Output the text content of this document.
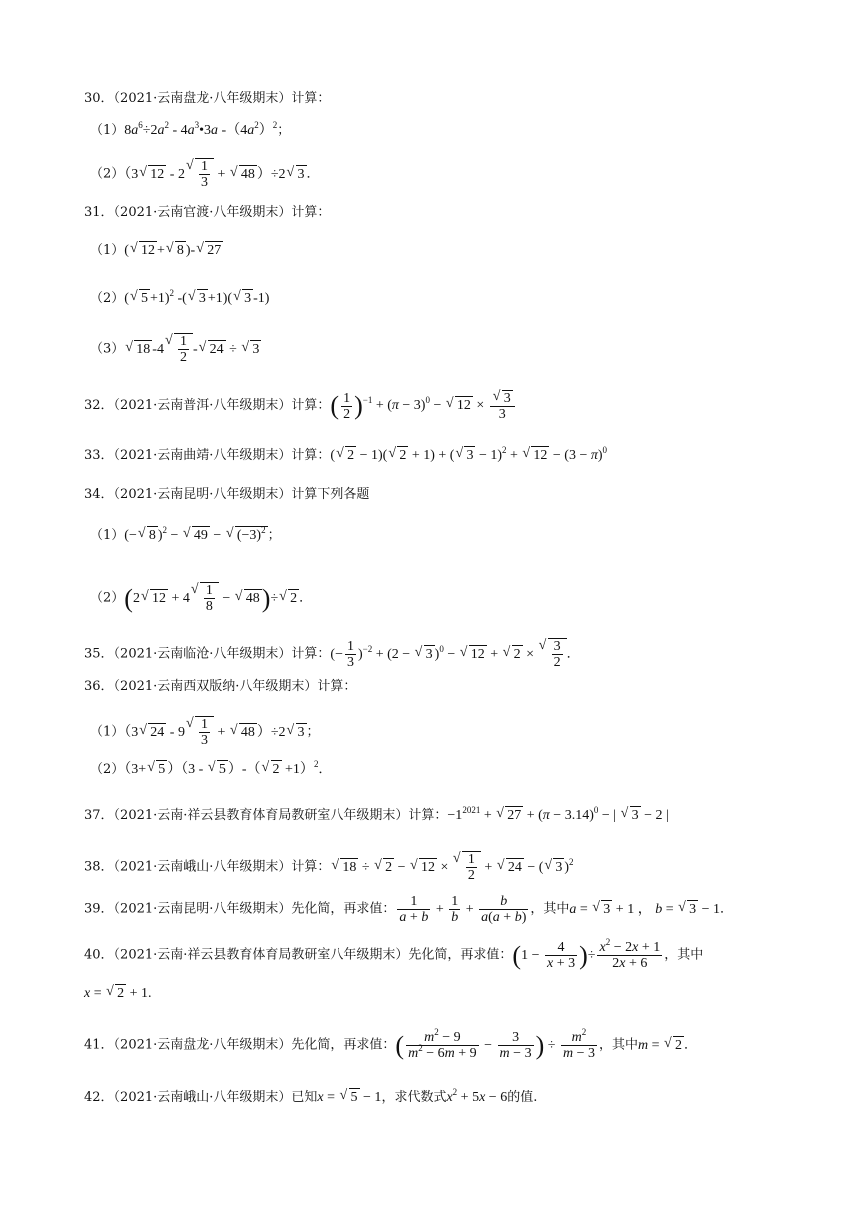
30．（2021·云南盘龙·八年级期末）计算：
$(1)8a^6\div 2a^2$ ‐ $4a^3•3a$ $‐(4a^2)^2$；
（2）（3 √ 12 ‐ 2 √ $\frac{1}{3}$ + √ 48 ）÷2 √ 3 ．
31．（2021·云南官渡·八年级期末）计算：
（1）( √ 12 + √ 8 )- √ 27
（2）( √ 5 +1)$^2$ -( √ 3 +1)( √ 3 -1)
（3） √ 18 -4 √ $\frac{1}{2}$ - √ 24 ÷ √ 3
32．（2021·云南普洱·八年级期末）计算：( $\frac{1}{2} )^{-1} + (\pi - 3)^0$ − √ 12 × √ $\frac{3}{3}$
33．（2021·云南曲靖·八年级期末）计算：( √ 2 − 1)( √ 2 + 1) + ( √ 3 − 1)$^2$ + √ $12 - (3 - \pi)^0$
34．（2021·云南昆明·八年级期末）计算下列各题
（1）(− √ 8 )$^2$ − √ 49 − √ $(-3)^2$ ；
（2）(2 √ 12 + 4 √ $\frac{1}{8}$ − √ 48)÷ √ 2 ．
35．（2021·云南临沧·八年级期末）计算：(− $\frac{1}{3} )^{-2} + (2$ − √ 3 )$^0$ − √ 12 + √ 2 × √ $\frac{3}{2}$ ．
36．（2021·云南西双版纳·八年级期末）计算：
（1）（3 √ 24 ‐ 9 √ $\frac{1}{3}$ + √ 48 ）÷2 √ 3 ；
（2）（3+ √ 5 ）（3 ‐ √ 5 ）‐（ √ 2 +1）$^2$．
37．（2021·云南·祥云县教育体育局教研室八年级期末）计算：$-1^{2021}$ + √ $27 + (\pi - 3.14)^0$ − | √ 3 − 2 |
38．（2021·云南峨山·八年级期末）计算： √ 18 ÷ √ 2 − √ 12 × √ $\frac{1}{2}$ + √ 24 − ( √ 3 )$^2$
39．（2021·云南昆明·八年级期末）先化简，再求值： $\frac{1}{a + b} + \frac{1}{b} + \frac{b}{a(a + b)}$ ，其中a = √ 3 + 1 ， b = √ 3 − 1．
40．（2021·云南·祥云县教育体育局教研室八年级期末）先化简，再求值：($1 - \frac{4}{x + 3}$ )÷ $\frac{x^2 - 2x + 1}{2x + 6}$ ，其中
x = √ 2 + 1.
41．（2021·云南盘龙·八年级期末）先化简，再求值：( $\frac{m^2 - 9}{m^2 - 6m + 9} - \frac{3}{m - 3}$ ) ÷ $\frac{m^2}{m - 3}$ ，其中m = √ 2 ．
42．（2021·云南峨山·八年级期末）已知x = √ 5 − 1，求代数式$x^2 + 5x - 6$的值.
